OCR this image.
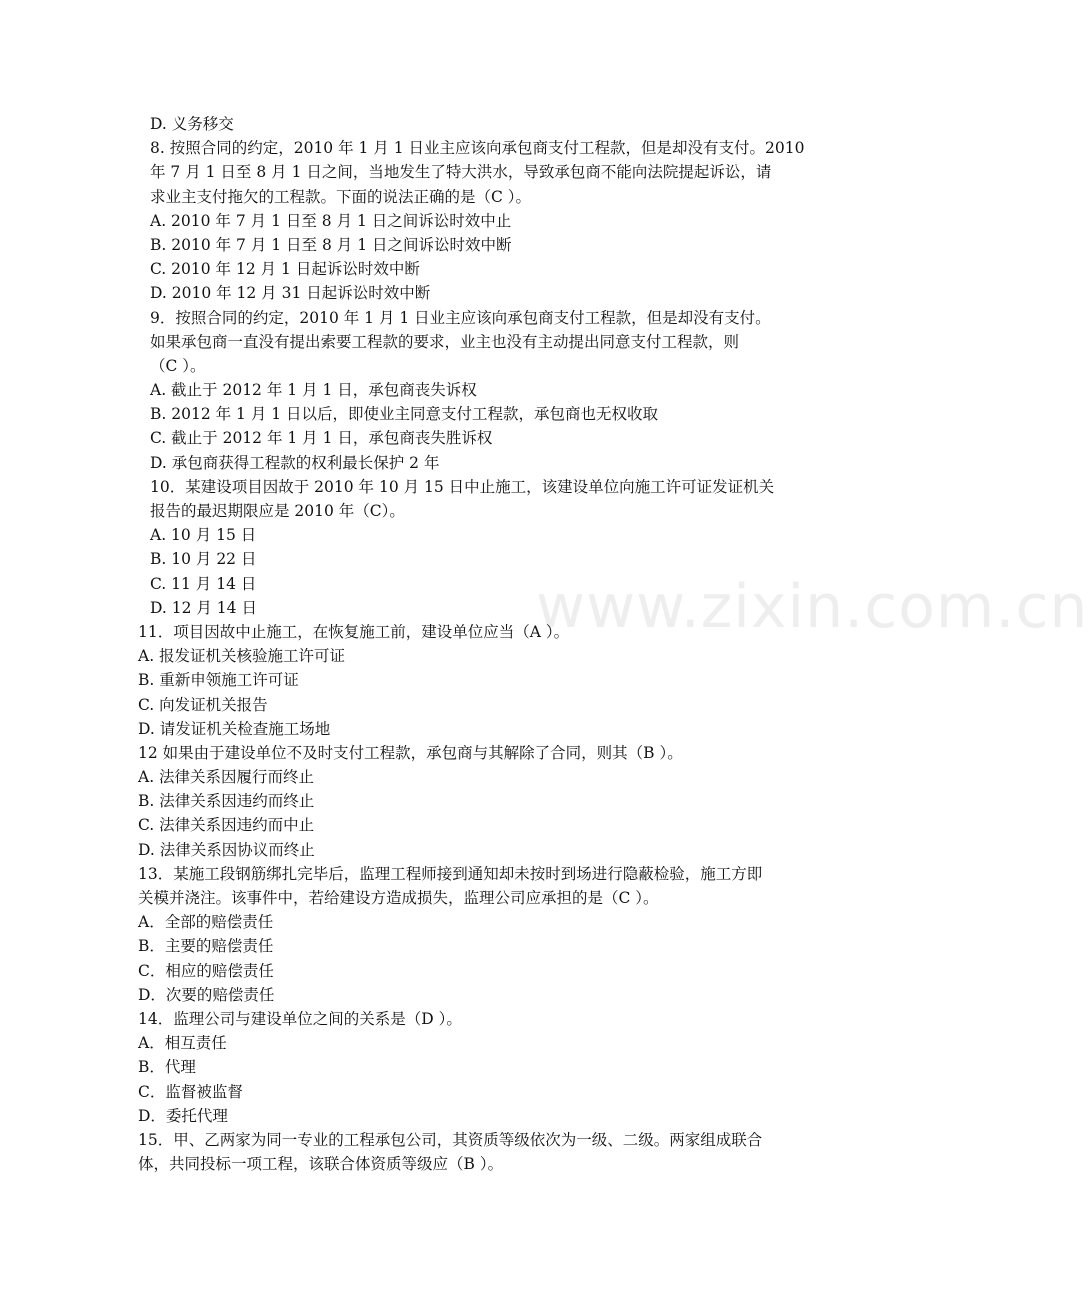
www.zixin.com.cn
D. 义务移交
8. 按照合同的约定，2010 年 1 月 1 日业主应该向承包商支付工程款，但是却没有支付。2010
年 7 月 1 日至 8 月 1 日之间，当地发生了特大洪水，导致承包商不能向法院提起诉讼，请
求业主支付拖欠的工程款。下面的说法正确的是（C ）。
A. 2010 年 7 月 1 日至 8 月 1 日之间诉讼时效中止
B. 2010 年 7 月 1 日至 8 月 1 日之间诉讼时效中断
C. 2010 年 12 月 1 日起诉讼时效中断
D. 2010 年 12 月 31 日起诉讼时效中断
9．按照合同的约定，2010 年 1 月 1 日业主应该向承包商支付工程款，但是却没有支付。
如果承包商一直没有提出索要工程款的要求，业主也没有主动提出同意支付工程款，则
（C ）。
A. 截止于 2012 年 1 月 1 日，承包商丧失诉权
B. 2012 年 1 月 1 日以后，即使业主同意支付工程款，承包商也无权收取
C. 截止于 2012 年 1 月 1 日，承包商丧失胜诉权
D. 承包商获得工程款的权利最长保护 2 年
10．某建设项目因故于 2010 年 10 月 15 日中止施工，该建设单位向施工许可证发证机关
报告的最迟期限应是 2010 年（C）。
A. 10 月 15 日
B. 10 月 22 日
C. 11 月 14 日
D. 12 月 14 日
11．项目因故中止施工，在恢复施工前，建设单位应当（A ）。
A. 报发证机关核验施工许可证
B. 重新申领施工许可证
C. 向发证机关报告
D. 请发证机关检查施工场地
12 如果由于建设单位不及时支付工程款，承包商与其解除了合同，则其（B ）。
A. 法律关系因履行而终止
B. 法律关系因违约而终止
C. 法律关系因违约而中止
D. 法律关系因协议而终止
13．某施工段钢筋绑扎完毕后，监理工程师接到通知却未按时到场进行隐蔽检验，施工方即
关模并浇注。该事件中，若给建设方造成损失，监理公司应承担的是（C ）。
A．全部的赔偿责任
B．主要的赔偿责任
C．相应的赔偿责任
D．次要的赔偿责任
14．监理公司与建设单位之间的关系是（D ）。
A．相互责任
B．代理
C．监督被监督
D．委托代理
15．甲、乙两家为同一专业的工程承包公司，其资质等级依次为一级、二级。两家组成联合
体，共同投标一项工程，该联合体资质等级应（B ）。
